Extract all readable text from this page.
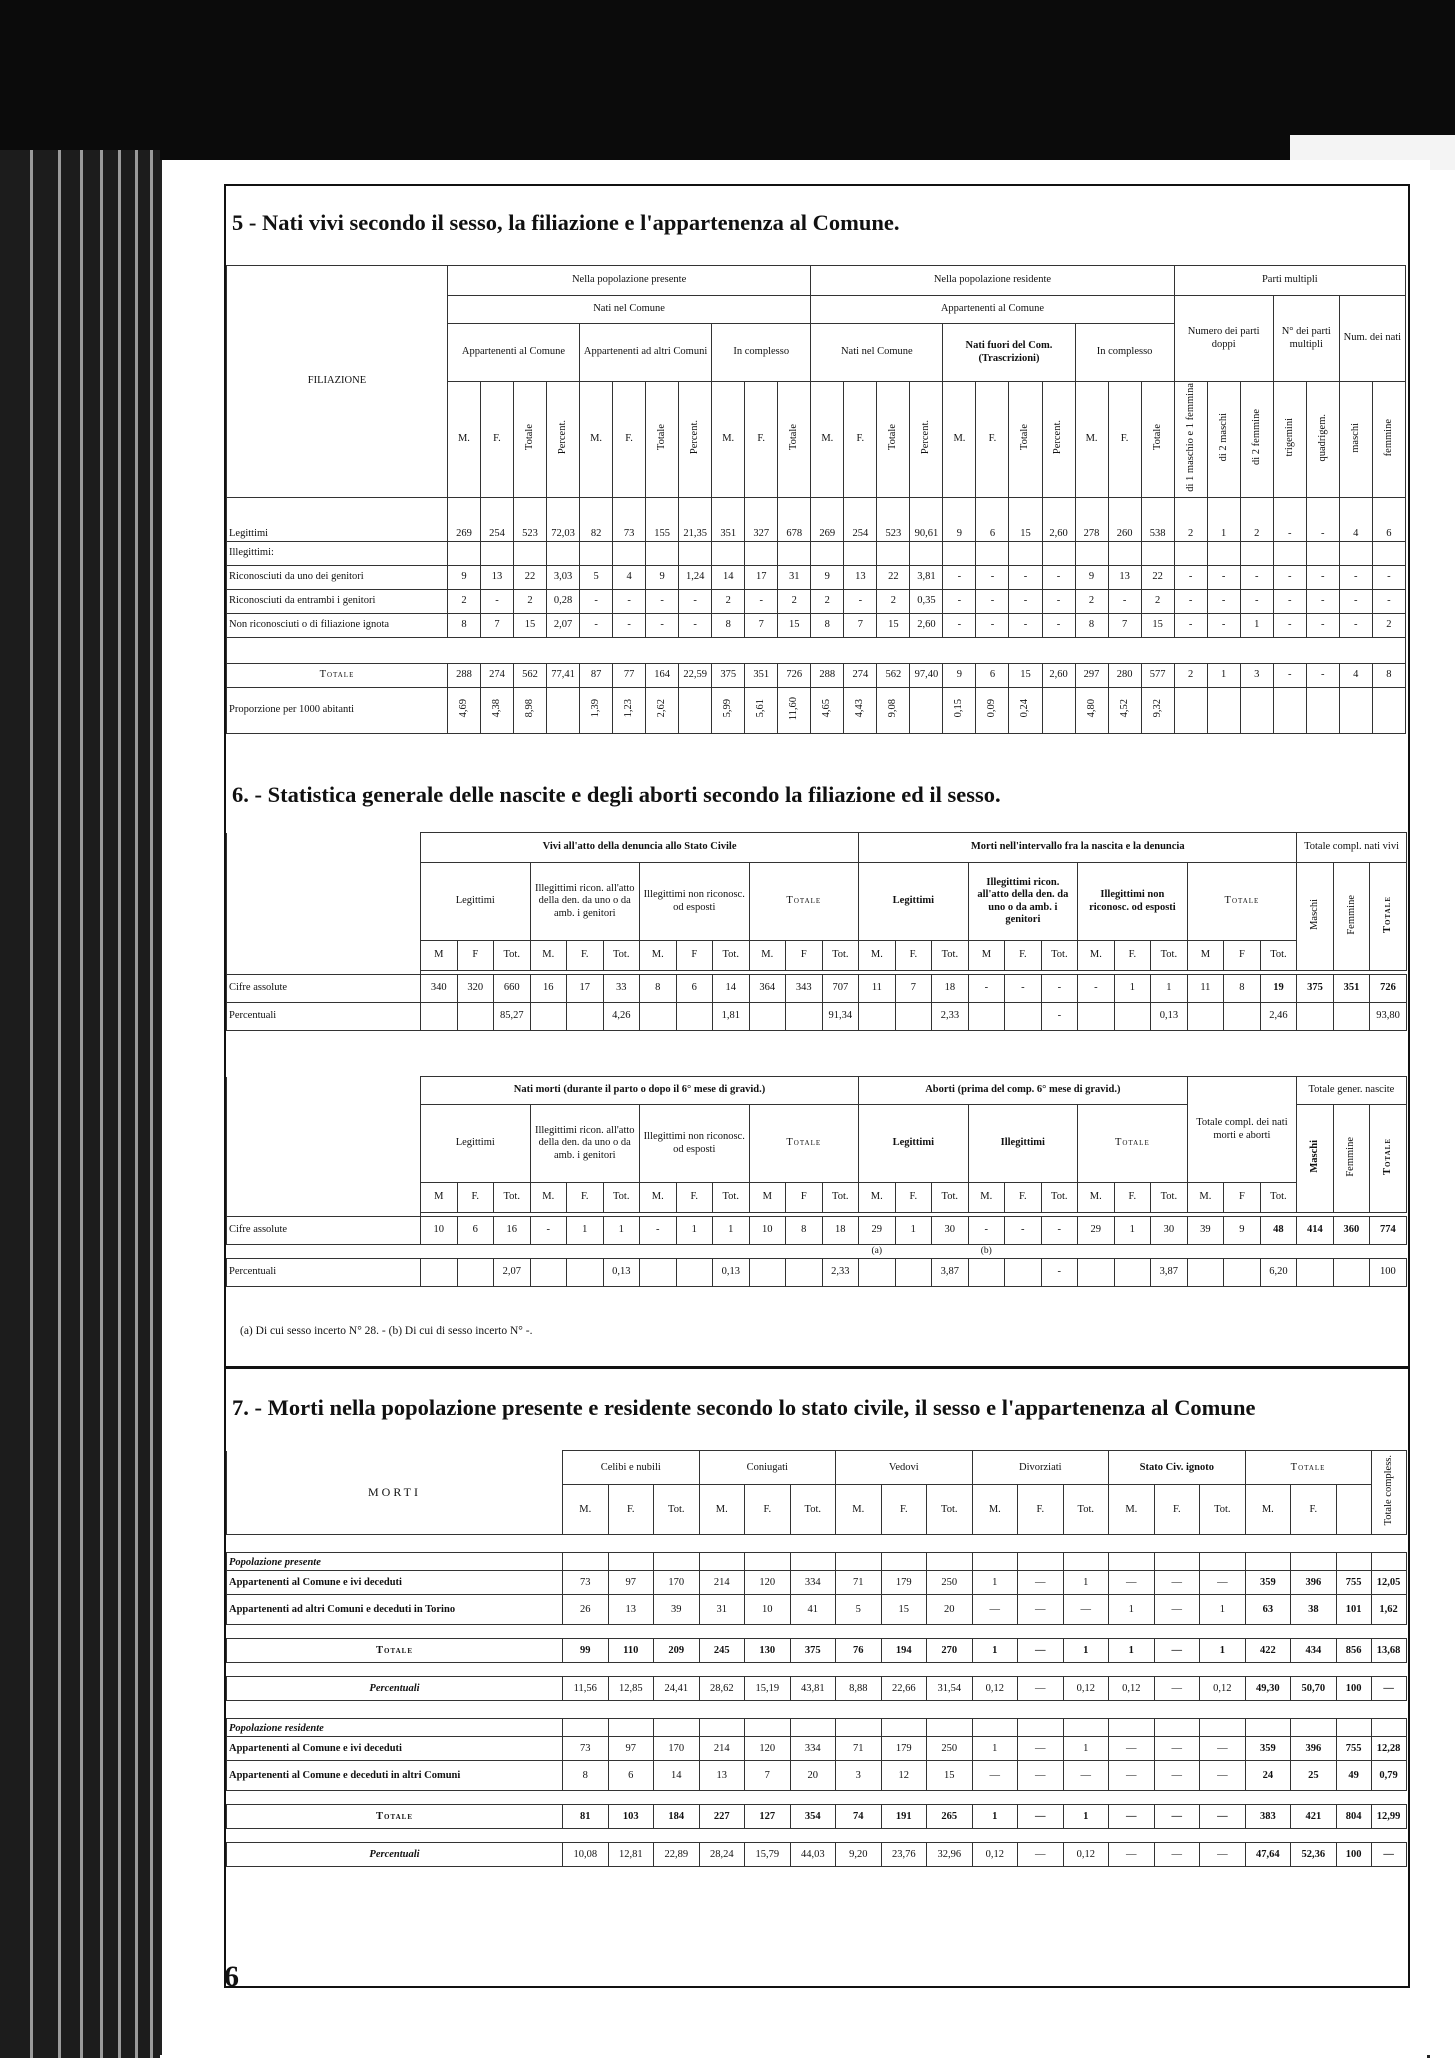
5 - Nati vivi secondo il sesso, la filiazione e l'appartenenza al Comune.
FILIAZIONE	Nella popolazione presente											Nella popolazione residente											Parti multipli						
	Nati nel Comune											Appartenenti al Comune											Numero dei parti doppi			N° dei parti multipli		Num. dei nati	
	Appartenenti al Comune				Appartenenti ad altri Comuni				In complesso			Nati nel Comune				Nati fuori del Com. (Trascrizioni)				In complesso									
	M.	F.	Totale	Percent.	M.	F.	Totale	Percent.	M.	F.	Totale	M.	F.	Totale	Percent.	M.	F.	Totale	Percent.	M.	F.	Totale	di 1 maschio e 1 femmina	di 2 maschi	di 2 femmine	trigemini	quadrigem.	maschi	femmine
Legittimi	269	254	523	72,03	82	73	155	21,35	351	327	678	269	254	523	90,61	9	6	15	2,60	278	260	538	2	1	2	-	-	4	6
Illegittimi:																													
Riconosciuti da uno dei genitori	9	13	22	3,03	5	4	9	1,24	14	17	31	9	13	22	3,81	-	-	-	-	9	13	22	-	-	-	-	-	-	-
Riconosciuti da entrambi i genitori	2	-	2	0,28	-	-	-	-	2	-	2	2	-	2	0,35	-	-	-	-	2	-	2	-	-	-	-	-	-	-
Non riconosciuti o di filiazione ignota	8	7	15	2,07	-	-	-	-	8	7	15	8	7	15	2,60	-	-	-	-	8	7	15	-	-	1	-	-	-	2

Totale	288	274	562	77,41	87	77	164	22,59	375	351	726	288	274	562	97,40	9	6	15	2,60	297	280	577	2	1	3	-	-	4	8
Proporzione per 1000 abitanti	4,69	4,38	8,98		1,39	1,23	2,62		5,99	5,61	11,60	4,65	4,43	9,08		0,15	0,09	0,24		4,80	4,52	9,32							
6. - Statistica generale delle nascite e degli aborti secondo la filiazione ed il sesso.
	Vivi all'atto della denuncia allo Stato Civile												Morti nell'intervallo fra la nascita e la denuncia												Totale compl. nati vivi		
	Legittimi			Illegittimi ricon. all'atto della den. da uno o da amb. i genitori			Illegittimi non riconosc. od esposti			Totale			Legittimi			Illegittimi ricon. all'atto della den. da uno o da amb. i genitori			Illegittimi non riconosc. od esposti			Totale			Maschi	Femmine	Totale
	M	F	Tot.	M.	F.	Tot.	M.	F	Tot.	M.	F	Tot.	M.	F.	Tot.	M	F.	Tot.	M.	F.	Tot.	M	F	Tot.			

Cifre assolute	340	320	660	16	17	33	8	6	14	364	343	707	11	7	18	-	-	-	-	1	1	11	8	19	375	351	726
Percentuali			85,27			4,26			1,81			91,34			2,33			-			0,13			2,46			93,80
	Nati morti (durante il parto o dopo il 6° mese di gravid.)												Aborti (prima del comp. 6° mese di gravid.)									Totale compl. dei nati morti e aborti			Totale gener. nascite		
	Legittimi			Illegittimi ricon. all'atto della den. da uno o da amb. i genitori			Illegittimi non riconosc. od esposti			Totale			Legittimi			Illegittimi			Totale						Maschi	Femmine	Totale
	M	F.	Tot.	M.	F.	Tot.	M.	F.	Tot.	M	F	Tot.	M.	F.	Tot.	M.	F.	Tot.	M.	F.	Tot.	M.	F	Tot.			

Cifre assolute	10	6	16	-	1	1	-	1	1	10	8	18	29	1	30	-	-	-	29	1	30	39	9	48	414	360	774
													(a)			(b)											
Percentuali			2,07			0,13			0,13			2,33			3,87			-			3,87			6,20			100
(a) Di cui sesso incerto N° 28. - (b) Di cui di sesso incerto N° -.
7. - Morti nella popolazione presente e residente secondo lo stato civile, il sesso e l'appartenenza al Comune
MORTI	Celibi e nubili			Coniugati			Vedovi			Divorziati			Stato Civ. ignoto			Totale			Totale compless.	
	M.	F.	Tot.	M.	F.	Tot.	M.	F.	Tot.	M.	F.	Tot.	M.	F.	Tot.	M.	F.			

Popolazione presente																				
Appartenenti al Comune e ivi deceduti	73	97	170	214	120	334	71	179	250	1	—	1	—	—	—	359	396	755	12,05	
Appartenenti ad altri Comuni e deceduti in Torino	26	13	39	31	10	41	5	15	20	—	—	—	1	—	1	63	38	101	1,62	

Totale	99	110	209	245	130	375	76	194	270	1	—	1	1	—	1	422	434	856	13,68	

Percentuali	11,56	12,85	24,41	28,62	15,19	43,81	8,88	22,66	31,54	0,12	—	0,12	0,12	—	0,12	49,30	50,70	100	—	

Popolazione residente																				
Appartenenti al Comune e ivi deceduti	73	97	170	214	120	334	71	179	250	1	—	1	—	—	—	359	396	755	12,28	
Appartenenti al Comune e deceduti in altri Comuni	8	6	14	13	7	20	3	12	15	—	—	—	—	—	—	24	25	49	0,79	

Totale	81	103	184	227	127	354	74	191	265	1	—	1	—	—	—	383	421	804	12,99	

Percentuali	10,08	12,81	22,89	28,24	15,79	44,03	9,20	23,76	32,96	0,12	—	0,12	—	—	—	47,64	52,36	100	—	
6
